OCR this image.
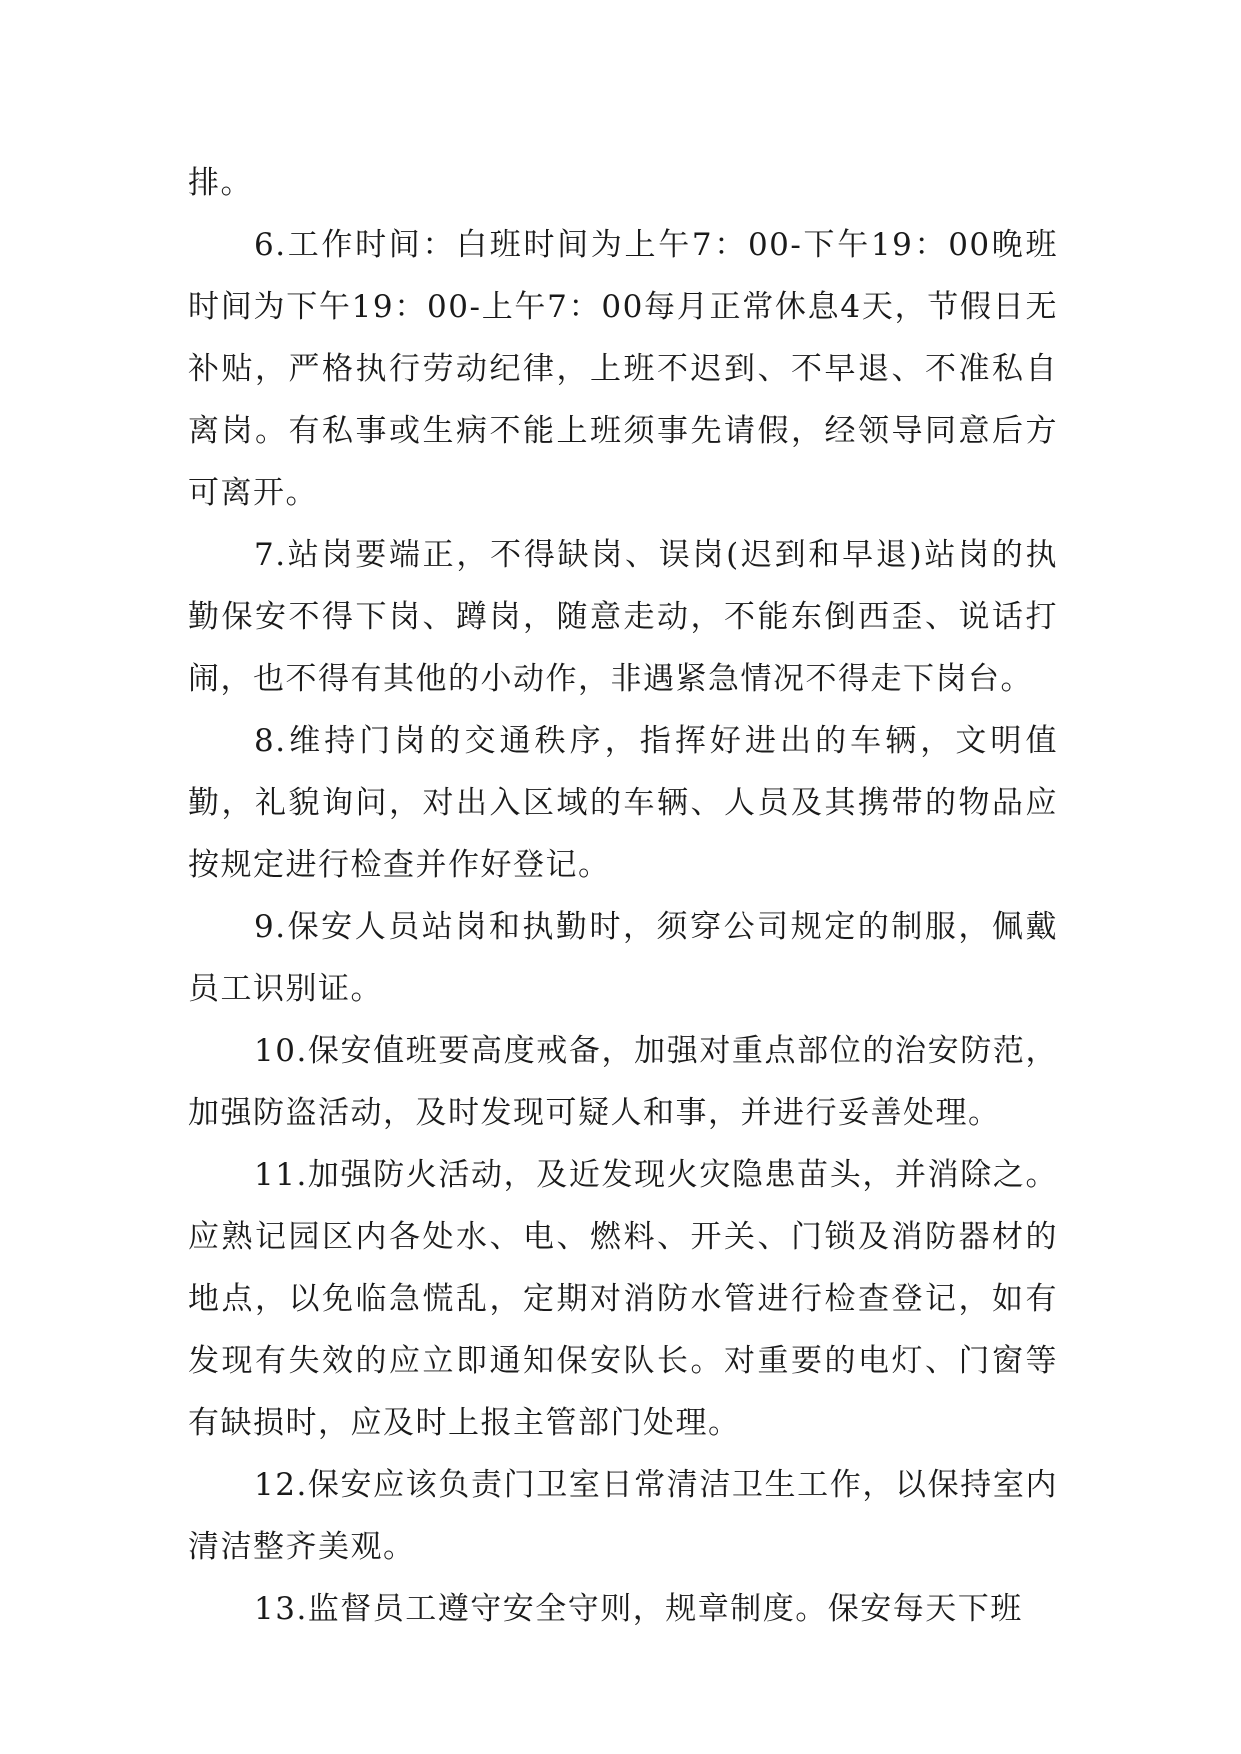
排。

6.工作时间：白班时间为上午7：00-下午19：00晚班时间为下午19：00-上午7：00每月正常休息4天，节假日无补贴，严格执行劳动纪律，上班不迟到、不早退、不准私自离岗。有私事或生病不能上班须事先请假，经领导同意后方可离开。

7.站岗要端正，不得缺岗、误岗(迟到和早退)站岗的执勤保安不得下岗、蹲岗，随意走动，不能东倒西歪、说话打闹，也不得有其他的小动作，非遇紧急情况不得走下岗台。

8.维持门岗的交通秩序，指挥好进出的车辆，文明值勤，礼貌询问，对出入区域的车辆、人员及其携带的物品应按规定进行检查并作好登记。

9.保安人员站岗和执勤时，须穿公司规定的制服，佩戴员工识别证。

10.保安值班要高度戒备，加强对重点部位的治安防范，加强防盗活动，及时发现可疑人和事，并进行妥善处理。

11.加强防火活动，及近发现火灾隐患苗头，并消除之。应熟记园区内各处水、电、燃料、开关、门锁及消防器材的地点，以免临急慌乱，定期对消防水管进行检查登记，如有发现有失效的应立即通知保安队长。对重要的电灯、门窗等有缺损时，应及时上报主管部门处理。

12.保安应该负责门卫室日常清洁卫生工作，以保持室内清洁整齐美观。

13.监督员工遵守安全守则，规章制度。保安每天下班
